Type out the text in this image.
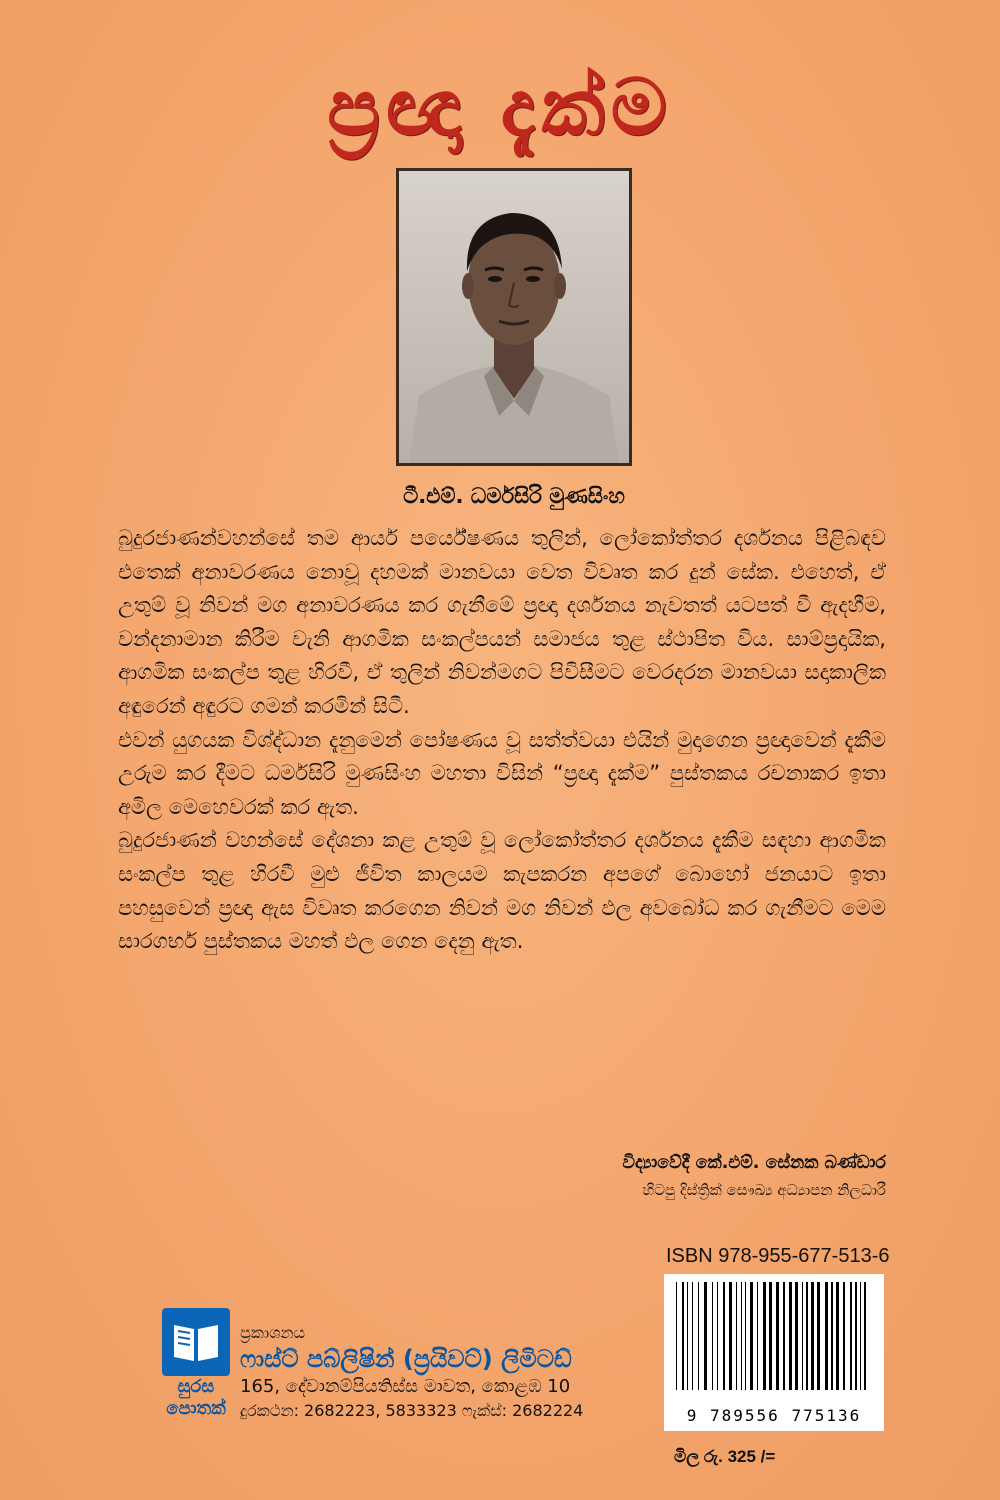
ප්‍රඥා දැක්ම
ටී.එම්. ධර්මසිරි මුණසිංහ

බුදුරජාණන්වහන්සේ තම ආර්ය පර්යේෂණය තුලින්, ලෝකෝත්තර දර්ශනය පිළිබඳව එතෙක් අනාවරණය නොවූ දහමක් මානවයා වෙත විවෘත කර දුන් සේක. එහෙත්, ඒ උතුම් වූ නිවන් මග අනාවරණය කර ගැනීමේ ප්‍රඥා දර්ශනය නැවතත් යටපත් වී ඇදහීම, වන්දනාමාන කිරීම වැනි ආගමික සංකල්පයන් සමාජය තුළ ස්ථාපිත විය. සාම්ප්‍රදායික, ආගමික සංකල්ප තුළ හිරවී, ඒ තුලින් නිවන්මගට පිවිසීමට වෙරදරන මානවයා සදාකාලික අඳුරෙන් අඳුරට ගමන් කරමින් සිටී.

එවන් යුගයක විශ්ද්ධාන දැනුමෙන් පෝෂණය වූ සත්ත්වයා එයින් මුදාගෙන ප්‍රඥාවෙන් දැකීම උරුම කර දීමට ධර්මසිරි මුණසිංහ මහතා විසින් “ප්‍රඥා දැක්ම” පුස්තකය රචනාකර ඉතා අමිල මෙහෙවරක් කර ඇත.

බුදුරජාණන් වහන්සේ දේශනා කළ උතුම් වූ ලෝකෝත්තර දර්ශනය දැකීම සඳහා ආගමික සංකල්ප තුළ හිරවී මුළු ජීවිත කාලයම කැපකරන අපගේ බොහෝ ජනයාට ඉතා පහසුවෙන් ප්‍රඥා ඇස විවෘත කරගෙන නිවන් මග නිවන් ඵල අවබෝධ කර ගැනීමට මෙම සාරගර්භ පුස්තකය මහත් ඵල ගෙන දෙනු ඇත.

විද්‍යාවේදී කේ.එම්. සේනක බණ්ඩාර
හිටපු දිස්ත්‍රික් සෞඛ්‍ය අධ්‍යාපන නිලධාරී
ISBN 978-955-677-513-6
9 789556 775136
මිල රු. 325 /=
සුරස
පොතක්
ප්‍රකාශනය
ෆාස්ට් පබ්ලිෂින් (ප්‍රයිවට්) ලිමිටඩ්
165, දේවානම්පියතිස්ස මාවත, කොළඹ 10
දුරකථන: 2682223, 5833323 ෆැක්ස්: 2682224
